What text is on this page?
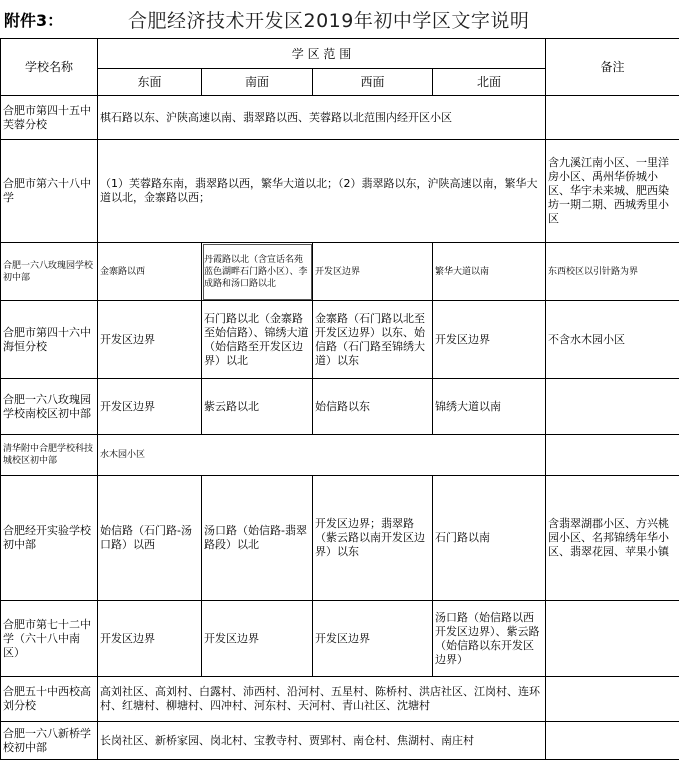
附件3：	合肥经济技术开发区2019年初中学区文字说明
学校名称	学 区 范 围				备注
	东面	南面	西面	北面	
合肥市第四十五中芙蓉分校	棋石路以东、沪陕高速以南、翡翠路以西、芙蓉路以北范围内经开区小区				
合肥市第六十八中学	（1）芙蓉路东南，翡翠路以西，繁华大道以北；（2）翡翠路以东，沪陕高速以南，繁华大道以北，金寨路以西；				含九溪江南小区、一里洋房小区、禹州华侨城小区、华宇未来城、肥西染坊一期二期、西城秀里小区
合肥一六八玫瑰园学校初中部	金寨路以西	丹霞路以北（含宣话名苑蓝色湖畔石门路小区）、李成路和汤口路以北	开发区边界	繁华大道以南	东西校区以引针路为界
合肥市第四十六中海恒分校	开发区边界	石门路以北（金寨路至始信路）、锦绣大道（始信路至开发区边界）以北	金寨路（石门路以北至开发区边界）以东、始信路（石门路至锦绣大道）以东	开发区边界	不含水木园小区
合肥一六八玫瑰园学校南校区初中部	开发区边界	紫云路以北	始信路以东	锦绣大道以南	
清华附中合肥学校科技城校区初中部	水木园小区				
合肥经开实验学校初中部	始信路（石门路-汤口路）以西	汤口路（始信路-翡翠路段）以北	开发区边界；翡翠路（紫云路以南开发区边界）以东	石门路以南	含翡翠湖郡小区、方兴桃园小区、名邦锦绣年华小区、翡翠花园、苹果小镇
合肥市第七十二中学（六十八中南区）	开发区边界	开发区边界	开发区边界	汤口路（始信路以西开发区边界）、紫云路（始信路以东开发区边界）	
合肥五十中西校高刘分校	高刘社区、高刘村、白露村、沛西村、沿河村、五星村、陈桥村、洪店社区、江岗村、连环村、红塘村、柳塘村、四冲村、河东村、天河村、青山社区、沈塘村				
合肥一六八新桥学校初中部	长岗社区、新桥家园、岗北村、宝教寺村、贾郢村、南仓村、焦湖村、南庄村				
